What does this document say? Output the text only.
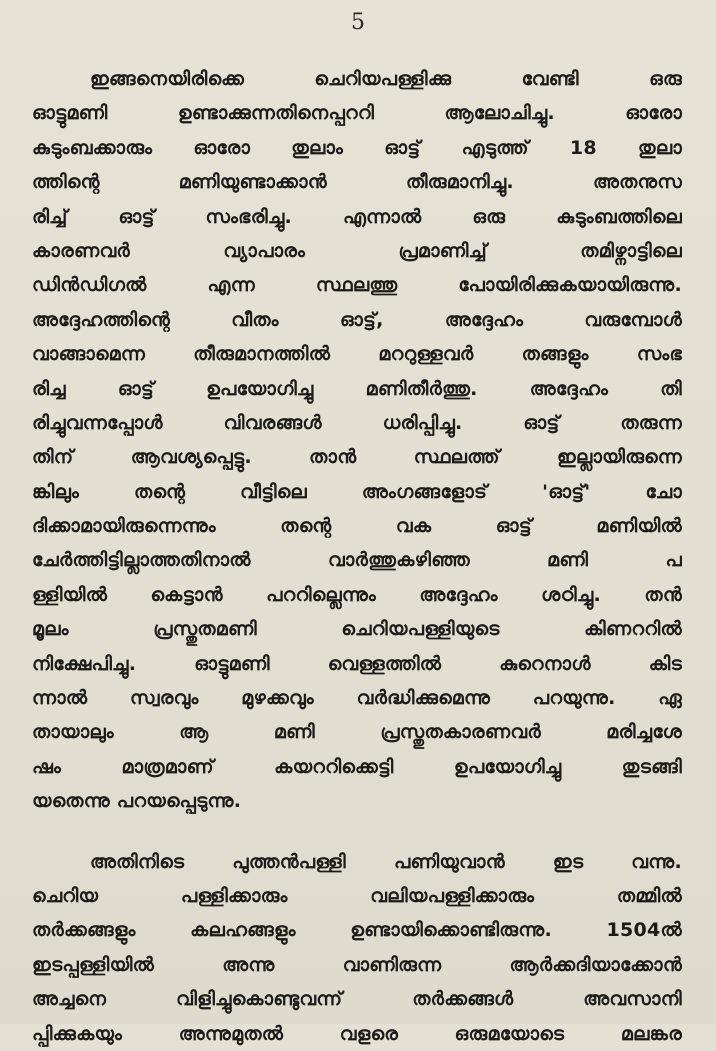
5
ഇങ്ങനെയിരിക്കെ ചെറിയപള്ളിക്കു വേണ്ടി ഒരു
ഓട്ടുമണി ഉണ്ടാക്കുന്നതിനെപ്പററി ആലോചിച്ചു. ഓരോ
കുടുംബക്കാരും ഓരോ തുലാം ഓട്ട് എടുത്ത് 18 തുലാ
ത്തിന്റെ മണിയുണ്ടാക്കാൻ തീരുമാനിച്ചു. അതനുസ
രിച്ച് ഓട്ട് സംഭരിച്ചു. എന്നാൽ ഒരു കുടുംബത്തിലെ
കാരണവർ വ്യാപാരം പ്രമാണിച്ച് തമിഴ്നാട്ടിലെ
ഡിൻഡിഗൽ എന്ന സ്ഥലത്തു പോയിരിക്കുകയായിരുന്നു.
അദ്ദേഹത്തിന്റെ വീതം ഓട്ട്, അദ്ദേഹം വരുമ്പോൾ
വാങ്ങാമെന്ന തീരുമാനത്തിൽ മററുള്ളവർ തങ്ങളും സംഭ
രിച്ച ഓട്ട് ഉപയോഗിച്ചു മണിതീർത്തു. അദ്ദേഹം തി
രിച്ചുവന്നപ്പോൾ വിവരങ്ങൾ ധരിപ്പിച്ചു. ഓട്ട് തരുന്ന
തിന് ആവശ്യപ്പെട്ടു. താൻ സ്ഥലത്ത് ഇല്ലായിരുന്നെ
ങ്കിലും തന്റെ വീട്ടിലെ അംഗങ്ങളോട് 'ഓട്ട്' ചോ
ദിക്കാമായിരുന്നെന്നും തന്റെ വക ഓട്ട് മണിയിൽ
ചേർത്തിട്ടില്ലാത്തതിനാൽ വാർത്തുകഴിഞ്ഞ മണി പ
ള്ളിയിൽ കെട്ടാൻ പററില്ലെന്നും അദ്ദേഹം ശഠിച്ചു. തൻ
മൂലം പ്രസ്തുതമണി ചെറിയപള്ളിയുടെ കിണററിൽ
നിക്ഷേപിച്ചു. ഓട്ടുമണി വെള്ളത്തിൽ കുറെനാൾ കിട
ന്നാൽ സ്വരവും മുഴക്കവും വർദ്ധിക്കുമെന്നു പറയുന്നു. ഏ
തായാലും ആ മണി പ്രസ്തുതകാരണവർ മരിച്ചശേ
ഷം മാത്രമാണ് കയററിക്കെട്ടി ഉപയോഗിച്ചു തുടങ്ങി
യതെന്നു പറയപ്പെടുന്നു.
അതിനിടെ പുത്തൻപള്ളി പണിയുവാൻ ഇട വന്നു.
ചെറിയ പള്ളിക്കാരും വലിയപള്ളിക്കാരും തമ്മിൽ
തർക്കങ്ങളും കലഹങ്ങളും ഉണ്ടായിക്കൊണ്ടിരുന്നു. 1504ൽ
ഇടപ്പള്ളിയിൽ അന്നു വാണിരുന്ന ആർക്കദിയാക്കോൻ
അച്ചനെ വിളിച്ചുകൊണ്ടുവന്ന് തർക്കങ്ങൾ അവസാനി
പ്പിക്കുകയും അന്നുമുതൽ വളരെ ഒരുമയോടെ മലങ്കര
